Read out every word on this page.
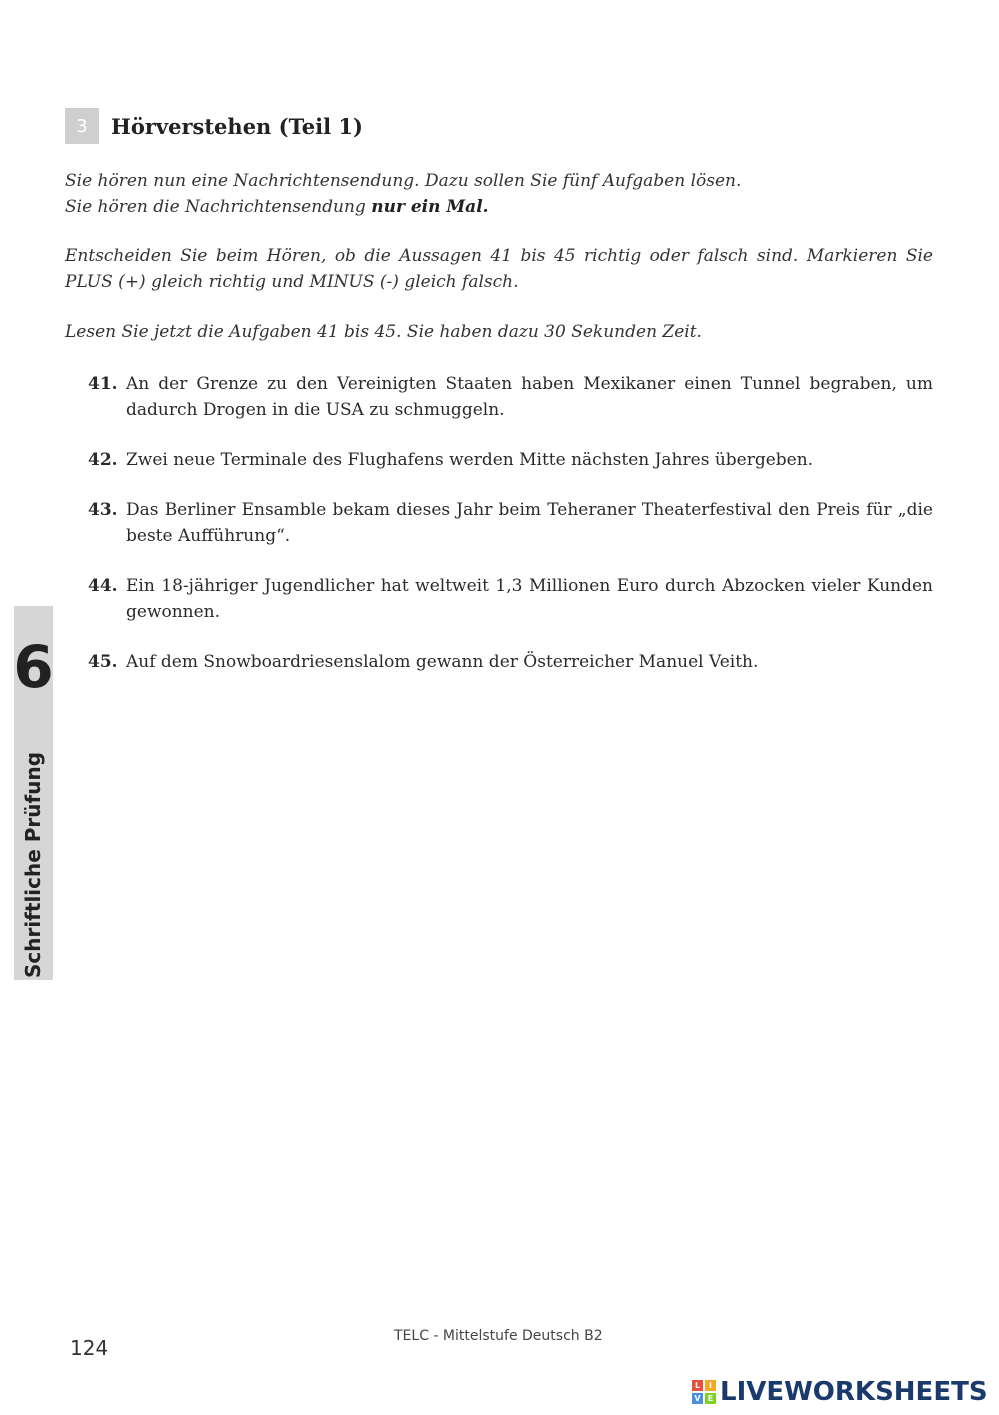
3	Hörverstehen (Teil 1)
Sie hören nun eine Nachrichtensendung. Dazu sollen Sie fünf Aufgaben lösen.
Sie hören die Nachrichtensendung nur ein Mal.
Entscheiden Sie beim Hören, ob die Aussagen 41 bis 45 richtig oder falsch sind. Markieren Sie PLUS (+) gleich richtig und MINUS (-) gleich falsch.
Lesen Sie jetzt die Aufgaben 41 bis 45. Sie haben dazu 30 Sekunden Zeit.
41. An der Grenze zu den Vereinigten Staaten haben Mexikaner einen Tunnel begraben, um dadurch Drogen in die USA zu schmuggeln.
42. Zwei neue Terminale des Flughafens werden Mitte nächsten Jahres übergeben.
43. Das Berliner Ensamble bekam dieses Jahr beim Teheraner Theaterfestival den Preis für „die beste Aufführung“.
44. Ein 18-jähriger Jugendlicher hat weltweit 1,3 Millionen Euro durch Abzocken vieler Kunden gewonnen.
45. Auf dem Snowboardriesenslalom gewann der Österreicher Manuel Veith.
6
Schriftliche Prüfung
124	TELC - Mittelstufe Deutsch B2
L	I
V E LIVEWORKSHEETS
